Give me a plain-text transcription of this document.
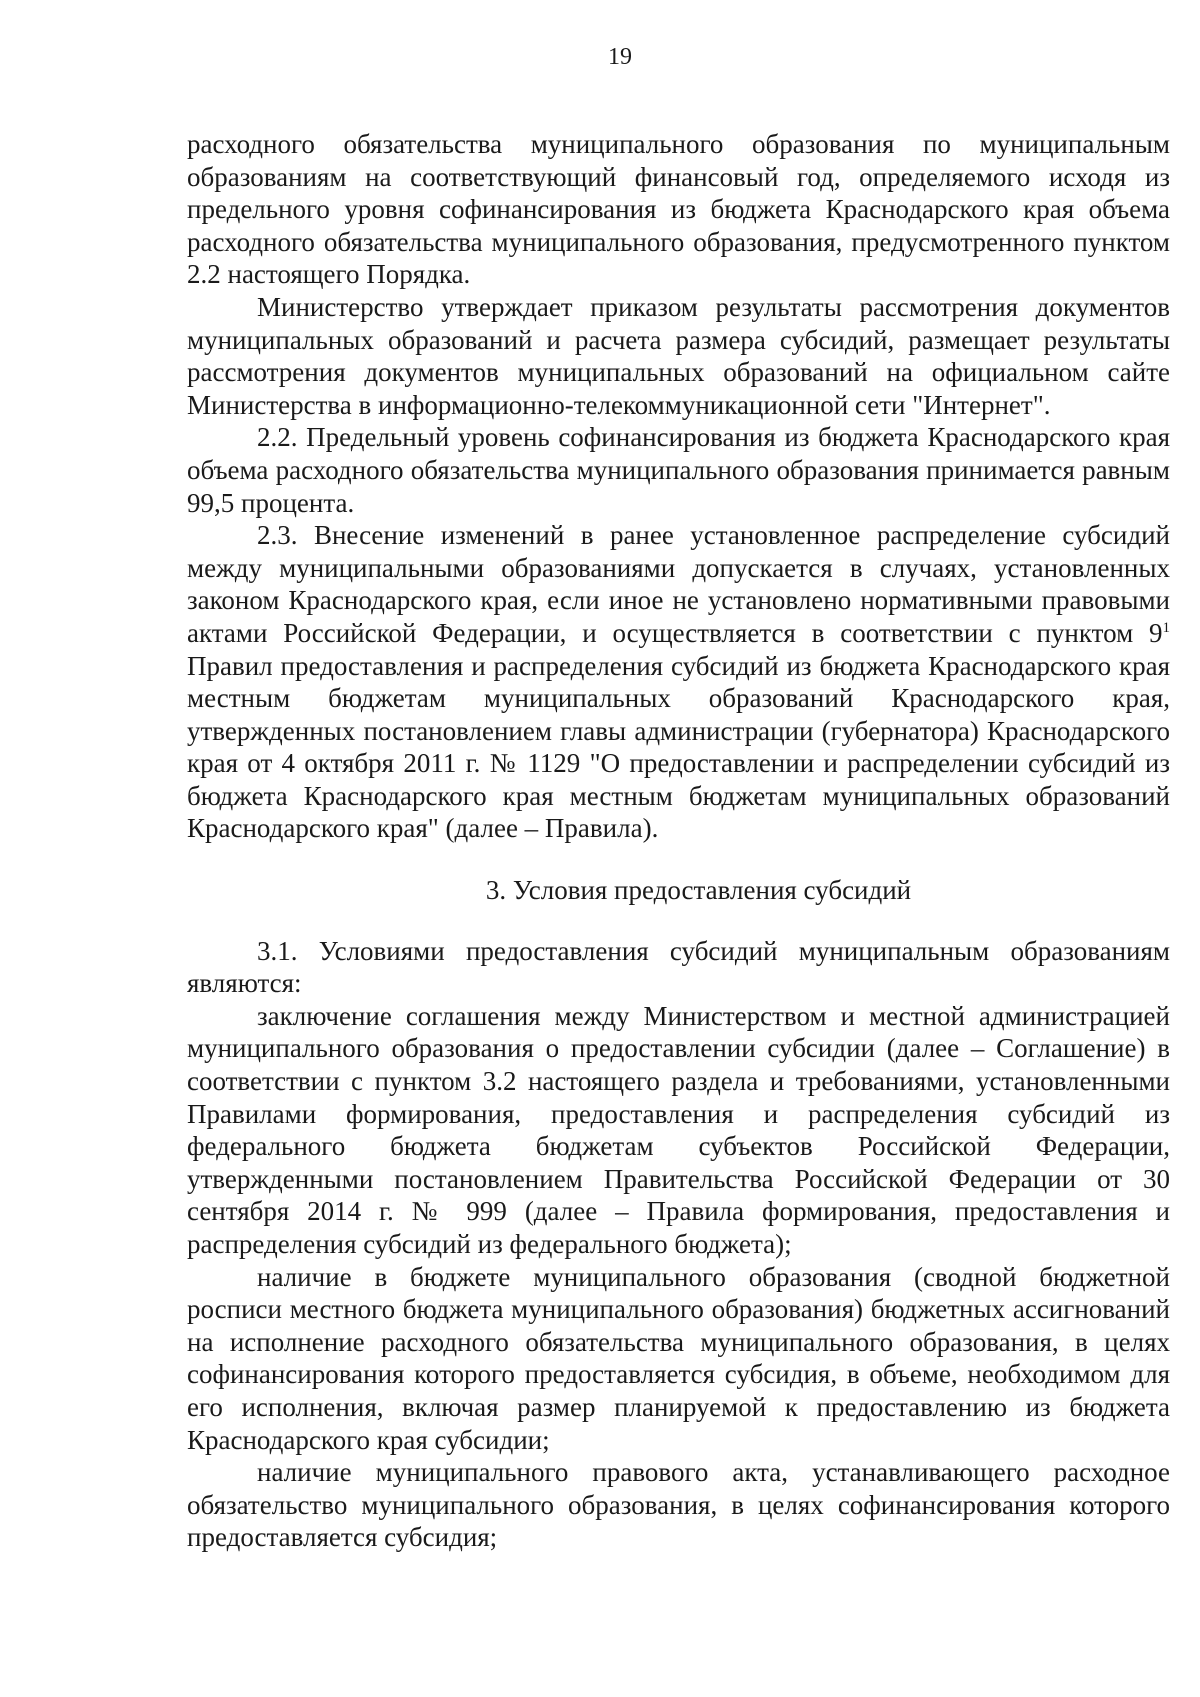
19

расходного обязательства муниципального образования по муниципальным образованиям на соответствующий финансовый год, определяемого исходя из предельного уровня софинансирования из бюджета Краснодарского края объема расходного обязательства муниципального образования, предусмотренного пунктом 2.2 настоящего Порядка.

Министерство утверждает приказом результаты рассмотрения документов муниципальных образований и расчета размера субсидий, размещает результаты рассмотрения документов муниципальных образований на официальном сайте Министерства в информационно-телекоммуникационной сети "Интернет".

2.2. Предельный уровень софинансирования из бюджета Краснодарского края объема расходного обязательства муниципального образования принимается равным 99,5 процента.

2.3. Внесение изменений в ранее установленное распределение субсидий между муниципальными образованиями допускается в случаях, установленных законом Краснодарского края, если иное не установлено нормативными правовыми актами Российской Федерации, и осуществляется в соответствии с пунктом $9^1$ Правил предоставления и распределения субсидий из бюджета Краснодарского края местным бюджетам муниципальных образований Краснодарского края, утвержденных постановлением главы администрации (губернатора) Краснодарского края от 4 октября 2011 г. № 1129 "О предоставлении и распределении субсидий из бюджета Краснодарского края местным бюджетам муниципальных образований Краснодарского края" (далее – Правила).

3. Условия предоставления субсидий

3.1. Условиями предоставления субсидий муниципальным образованиям являются:

заключение соглашения между Министерством и местной администрацией муниципального образования о предоставлении субсидии (далее – Соглашение) в соответствии с пунктом 3.2 настоящего раздела и требованиями, установленными Правилами формирования, предоставления и распределения субсидий из федерального бюджета бюджетам субъектов Российской Федерации, утвержденными постановлением Правительства Российской Федерации от 30 сентября 2014 г. № 999 (далее – Правила формирования, предоставления и распределения субсидий из федерального бюджета);

наличие в бюджете муниципального образования (сводной бюджетной росписи местного бюджета муниципального образования) бюджетных ассигнований на исполнение расходного обязательства муниципального образования, в целях софинансирования которого предоставляется субсидия, в объеме, необходимом для его исполнения, включая размер планируемой к предоставлению из бюджета Краснодарского края субсидии;

наличие муниципального правового акта, устанавливающего расходное обязательство муниципального образования, в целях софинансирования которого предоставляется субсидия;
